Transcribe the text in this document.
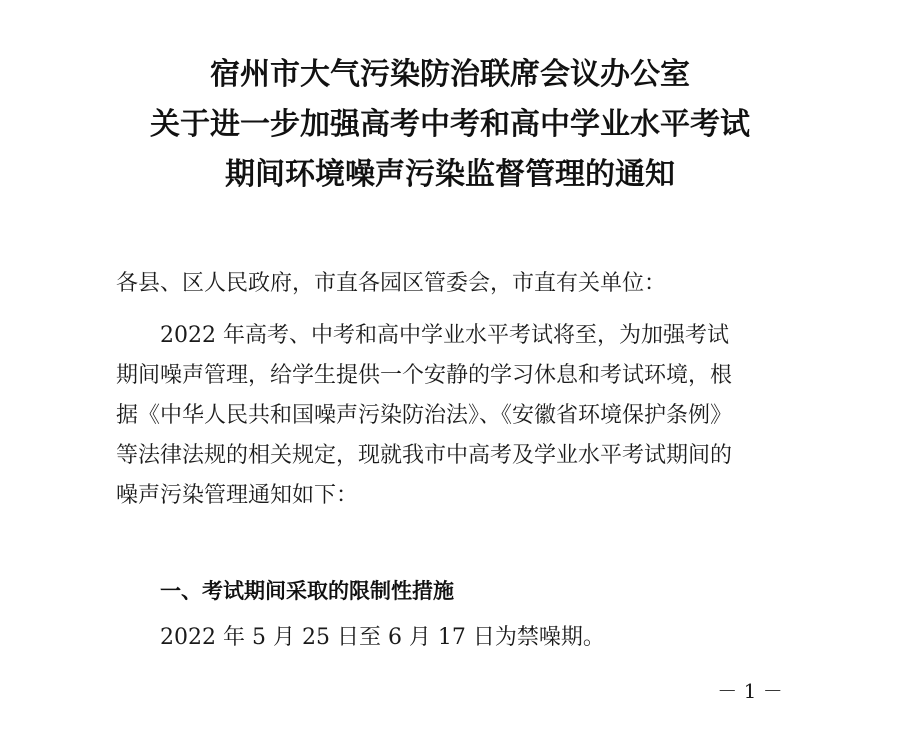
宿州市大气污染防治联席会议办公室
关于进一步加强高考中考和高中学业水平考试
期间环境噪声污染监督管理的通知
各县、区人民政府，市直各园区管委会，市直有关单位：
2022 年高考、中考和高中学业水平考试将至，为加强考试
期间噪声管理，给学生提供一个安静的学习休息和考试环境，根
据《中华人民共和国噪声污染防治法》、《安徽省环境保护条例》
等法律法规的相关规定，现就我市中高考及学业水平考试期间的
噪声污染管理通知如下：
一、考试期间采取的限制性措施
2022 年 5 月 25 日至 6 月 17 日为禁噪期。
－ 1 －
